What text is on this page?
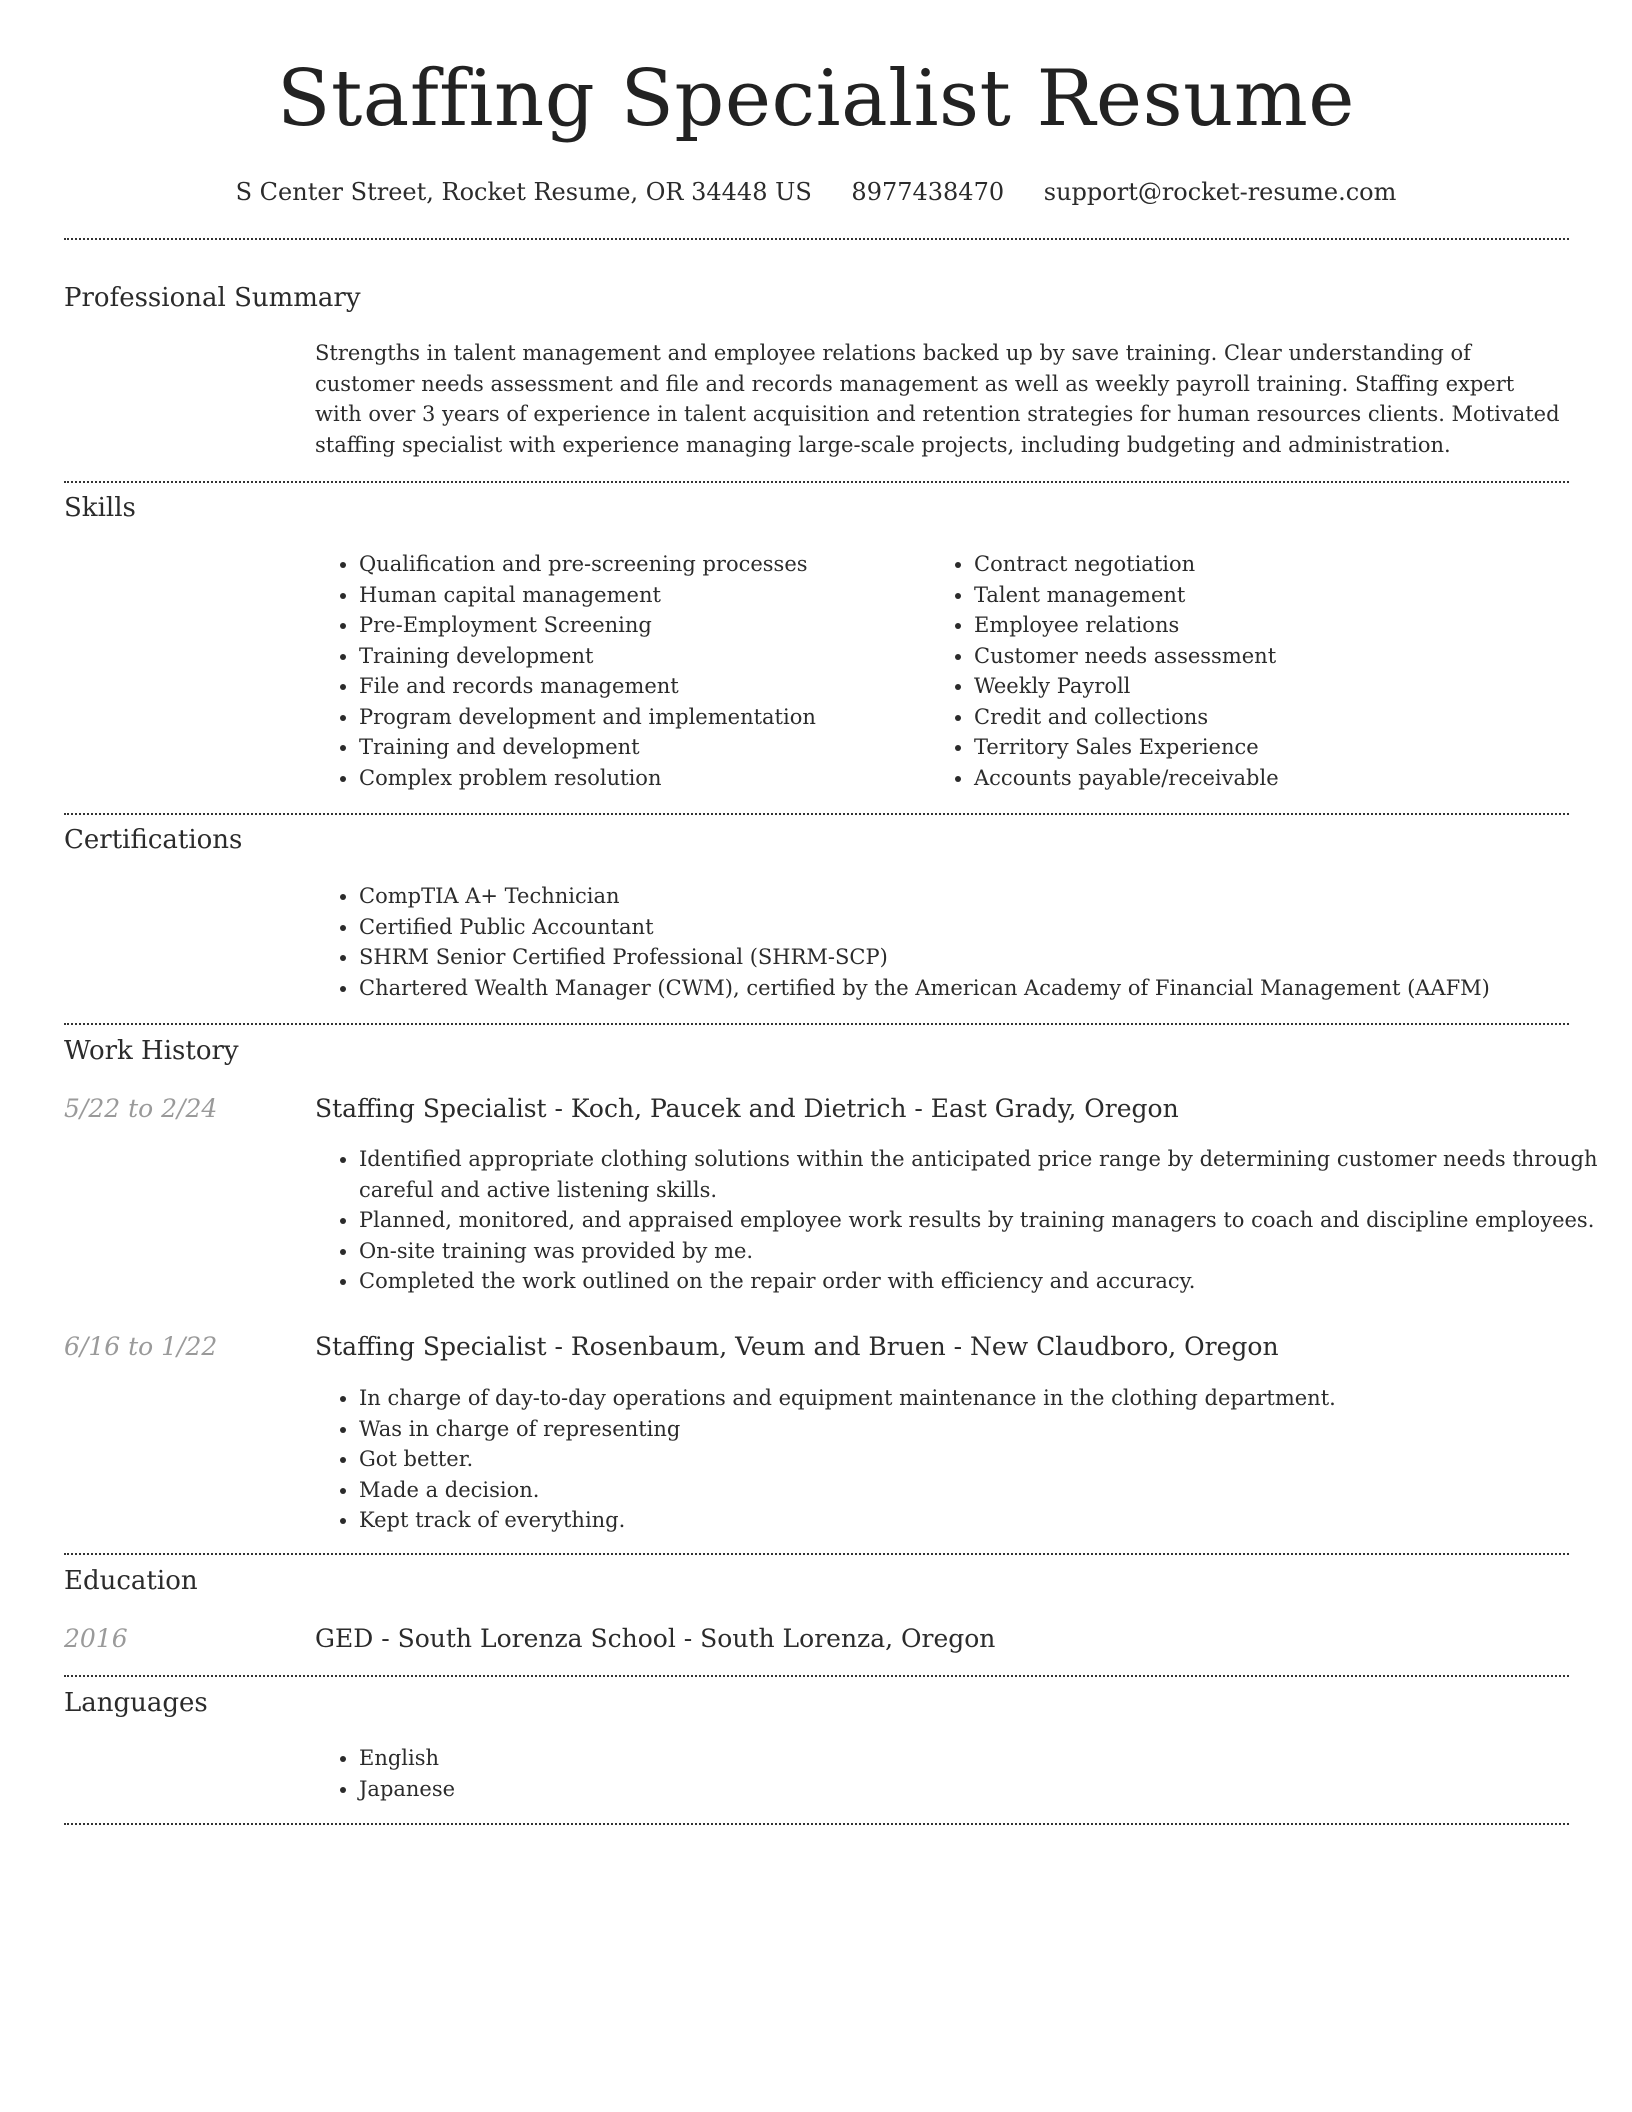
Staffing Specialist Resume
S Center Street, Rocket Resume, OR 34448 US 8977438470 support@rocket-resume.com
Professional Summary
Strengths in talent management and employee relations backed up by save training. Clear understanding of customer needs assessment and file and records management as well as weekly payroll training. Staffing expert with over 3 years of experience in talent acquisition and retention strategies for human resources clients. Motivated staffing specialist with experience managing large-scale projects, including budgeting and administration.
Skills
• Qualification and pre-screening processes
• Human capital management
• Pre-Employment Screening
• Training development
• File and records management
• Program development and implementation
• Training and development
• Complex problem resolution
• Contract negotiation
• Talent management
• Employee relations
• Customer needs assessment
• Weekly Payroll
• Credit and collections
• Territory Sales Experience
• Accounts payable/receivable
Certifications
• CompTIA A+ Technician
• Certified Public Accountant
• SHRM Senior Certified Professional (SHRM-SCP)
• Chartered Wealth Manager (CWM), certified by the American Academy of Financial Management (AAFM)
Work History
5/22 to 2/24	Staffing Specialist - Koch, Paucek and Dietrich - East Grady, Oregon
• Identified appropriate clothing solutions within the anticipated price range by determining customer needs through careful and active listening skills.
• Planned, monitored, and appraised employee work results by training managers to coach and discipline employees.
• On-site training was provided by me.
• Completed the work outlined on the repair order with efficiency and accuracy.
6/16 to 1/22	Staffing Specialist - Rosenbaum, Veum and Bruen - New Claudboro, Oregon
• In charge of day-to-day operations and equipment maintenance in the clothing department.
• Was in charge of representing
• Got better.
• Made a decision.
• Kept track of everything.
Education
2016	GED - South Lorenza School - South Lorenza, Oregon
Languages
• English
• Japanese
